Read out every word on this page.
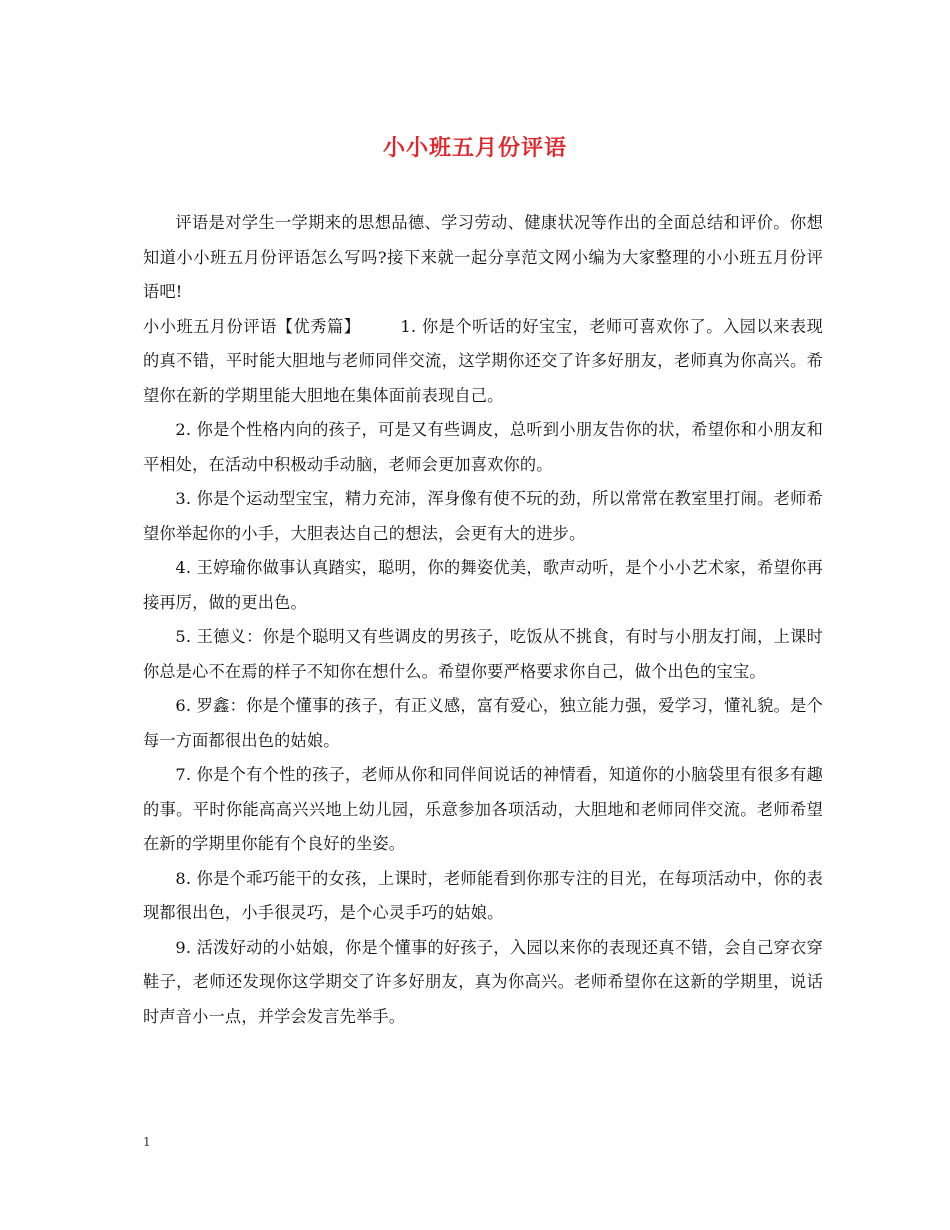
小小班五月份评语

评语是对学生一学期来的思想品德、学习劳动、健康状况等作出的全面总结和评价。你想知道小小班五月份评语怎么写吗?接下来就一起分享范文网小编为大家整理的小小班五月份评语吧!

小小班五月份评语【优秀篇】 1. 你是个听话的好宝宝，老师可喜欢你了。入园以来表现的真不错，平时能大胆地与老师同伴交流，这学期你还交了许多好朋友，老师真为你高兴。希望你在新的学期里能大胆地在集体面前表现自己。

2. 你是个性格内向的孩子，可是又有些调皮，总听到小朋友告你的状，希望你和小朋友和平相处，在活动中积极动手动脑，老师会更加喜欢你的。

3. 你是个运动型宝宝，精力充沛，浑身像有使不玩的劲，所以常常在教室里打闹。老师希望你举起你的小手，大胆表达自己的想法，会更有大的进步。

4. 王婷瑜你做事认真踏实，聪明，你的舞姿优美，歌声动听，是个小小艺术家，希望你再接再厉，做的更出色。

5. 王德义：你是个聪明又有些调皮的男孩子，吃饭从不挑食，有时与小朋友打闹，上课时你总是心不在焉的样子不知你在想什么。希望你要严格要求你自己，做个出色的宝宝。

6. 罗鑫：你是个懂事的孩子，有正义感，富有爱心，独立能力强，爱学习，懂礼貌。是个每一方面都很出色的姑娘。

7. 你是个有个性的孩子，老师从你和同伴间说话的神情看，知道你的小脑袋里有很多有趣的事。平时你能高高兴兴地上幼儿园，乐意参加各项活动，大胆地和老师同伴交流。老师希望在新的学期里你能有个良好的坐姿。

8. 你是个乖巧能干的女孩，上课时，老师能看到你那专注的目光，在每项活动中，你的表现都很出色，小手很灵巧，是个心灵手巧的姑娘。

9. 活泼好动的小姑娘，你是个懂事的好孩子，入园以来你的表现还真不错，会自己穿衣穿鞋子，老师还发现你这学期交了许多好朋友，真为你高兴。老师希望你在这新的学期里，说话时声音小一点，并学会发言先举手。

1
